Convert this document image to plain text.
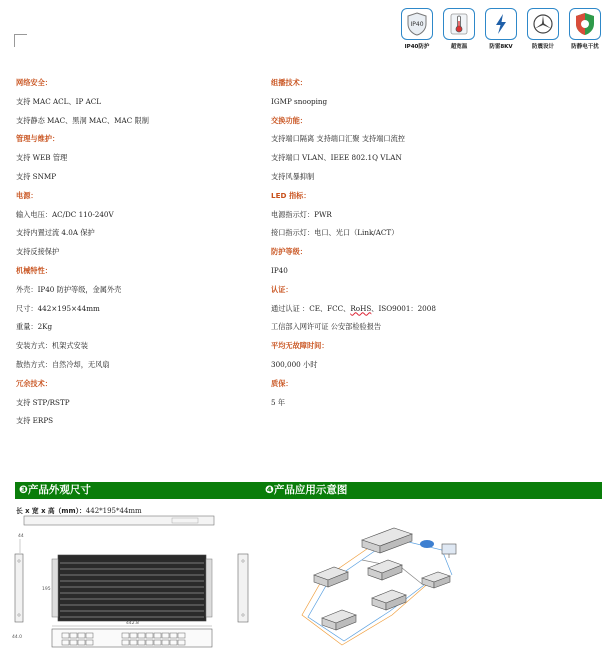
IP40
IP40防护	超宽温	防雷8KV	防震设计	防静电干扰
网络安全：
支持 MAC ACL、IP ACL
支持静态 MAC、黑洞 MAC、MAC 限制
管理与维护：
支持 WEB 管理
支持 SNMP
电源：
输入电压：AC/DC 110-240V
支持内置过流 4.0A 保护
支持反接保护
机械特性：
外壳：IP40 防护等级，金属外壳
尺寸：442×195×44mm
重量：2Kg
安装方式：机架式安装
散热方式：自然冷却，无风扇
冗余技术：
支持 STP/RSTP
支持 ERPS
组播技术：
IGMP snooping
交换功能：
支持端口隔离 支持端口汇聚 支持端口流控
支持端口 VLAN、IEEE 802.1Q VLAN
支持风暴抑制
LED 指标：
电源指示灯：PWR
接口指示灯：电口、光口（Link/ACT）
防护等级：
IP40
认证：
通过认证 ：CE、FCC、RoHS、ISO9001：2008
工信部入网许可证 公安部检验报告
平均无故障时间：
300,000 小时
质保：
5 年
❸产品外观尺寸	❹产品应用示意图
长 x 宽 x 高（mm）：442*195*44mm
44
195
442.8
44.0
